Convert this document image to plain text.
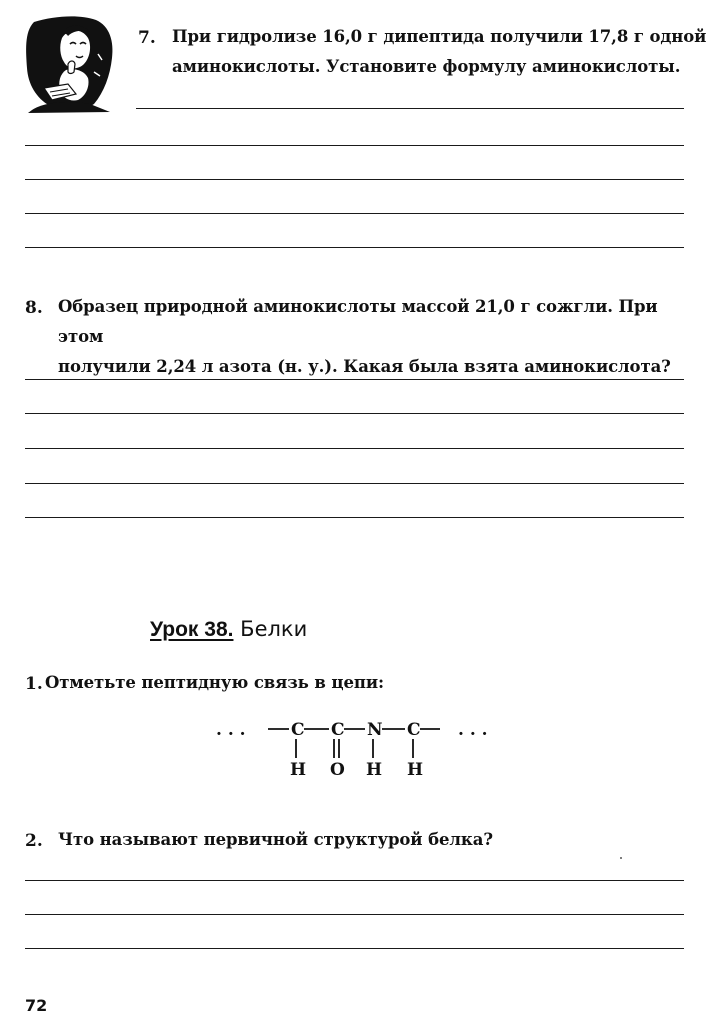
7. При гидролизе 16,0 г дипептида получили 17,8 г одной
аминокислоты. Установите формулу аминокислоты.
8. Образец природной аминокислоты массой 21,0 г сожгли. При этом
получили 2,24 л азота (н. у.). Какая была взята аминокислота?
Урок 38. Белки
1. Отметьте пептидную связь в цепи:
. . .	C C N C . . .
H O H H
2. Что называют первичной структурой белка?
72
